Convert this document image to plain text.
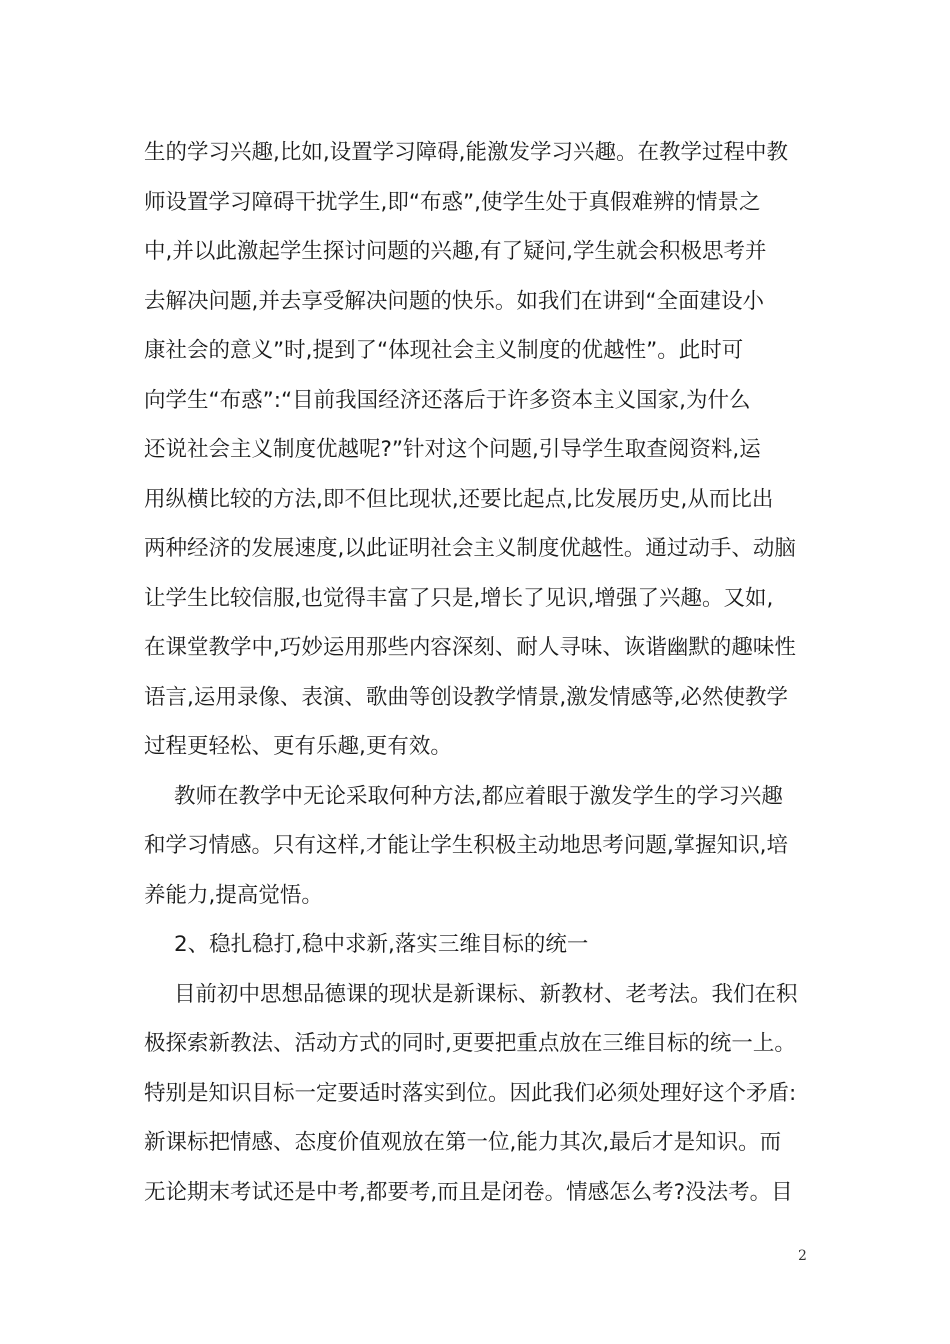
生的学习兴趣,比如,设置学习障碍,能激发学习兴趣。在教学过程中教
师设置学习障碍干扰学生,即“布惑”,使学生处于真假难辨的情景之
中,并以此激起学生探讨问题的兴趣,有了疑问,学生就会积极思考并
去解决问题,并去享受解决问题的快乐。如我们在讲到“全面建设小
康社会的意义”时,提到了“体现社会主义制度的优越性”。此时可
向学生“布惑”:“目前我国经济还落后于许多资本主义国家,为什么
还说社会主义制度优越呢?”针对这个问题,引导学生取查阅资料,运
用纵横比较的方法,即不但比现状,还要比起点,比发展历史,从而比出
两种经济的发展速度,以此证明社会主义制度优越性。通过动手、动脑
让学生比较信服,也觉得丰富了只是,增长了见识,增强了兴趣。又如,
在课堂教学中,巧妙运用那些内容深刻、耐人寻味、诙谐幽默的趣味性
语言,运用录像、表演、歌曲等创设教学情景,激发情感等,必然使教学
过程更轻松、更有乐趣,更有效。
教师在教学中无论采取何种方法,都应着眼于激发学生的学习兴趣
和学习情感。只有这样,才能让学生积极主动地思考问题,掌握知识,培
养能力,提高觉悟。
2、稳扎稳打,稳中求新,落实三维目标的统一
目前初中思想品德课的现状是新课标、新教材、老考法。我们在积
极探索新教法、活动方式的同时,更要把重点放在三维目标的统一上。
特别是知识目标一定要适时落实到位。因此我们必须处理好这个矛盾:
新课标把情感、态度价值观放在第一位,能力其次,最后才是知识。而
无论期末考试还是中考,都要考,而且是闭卷。情感怎么考?没法考。目
2
